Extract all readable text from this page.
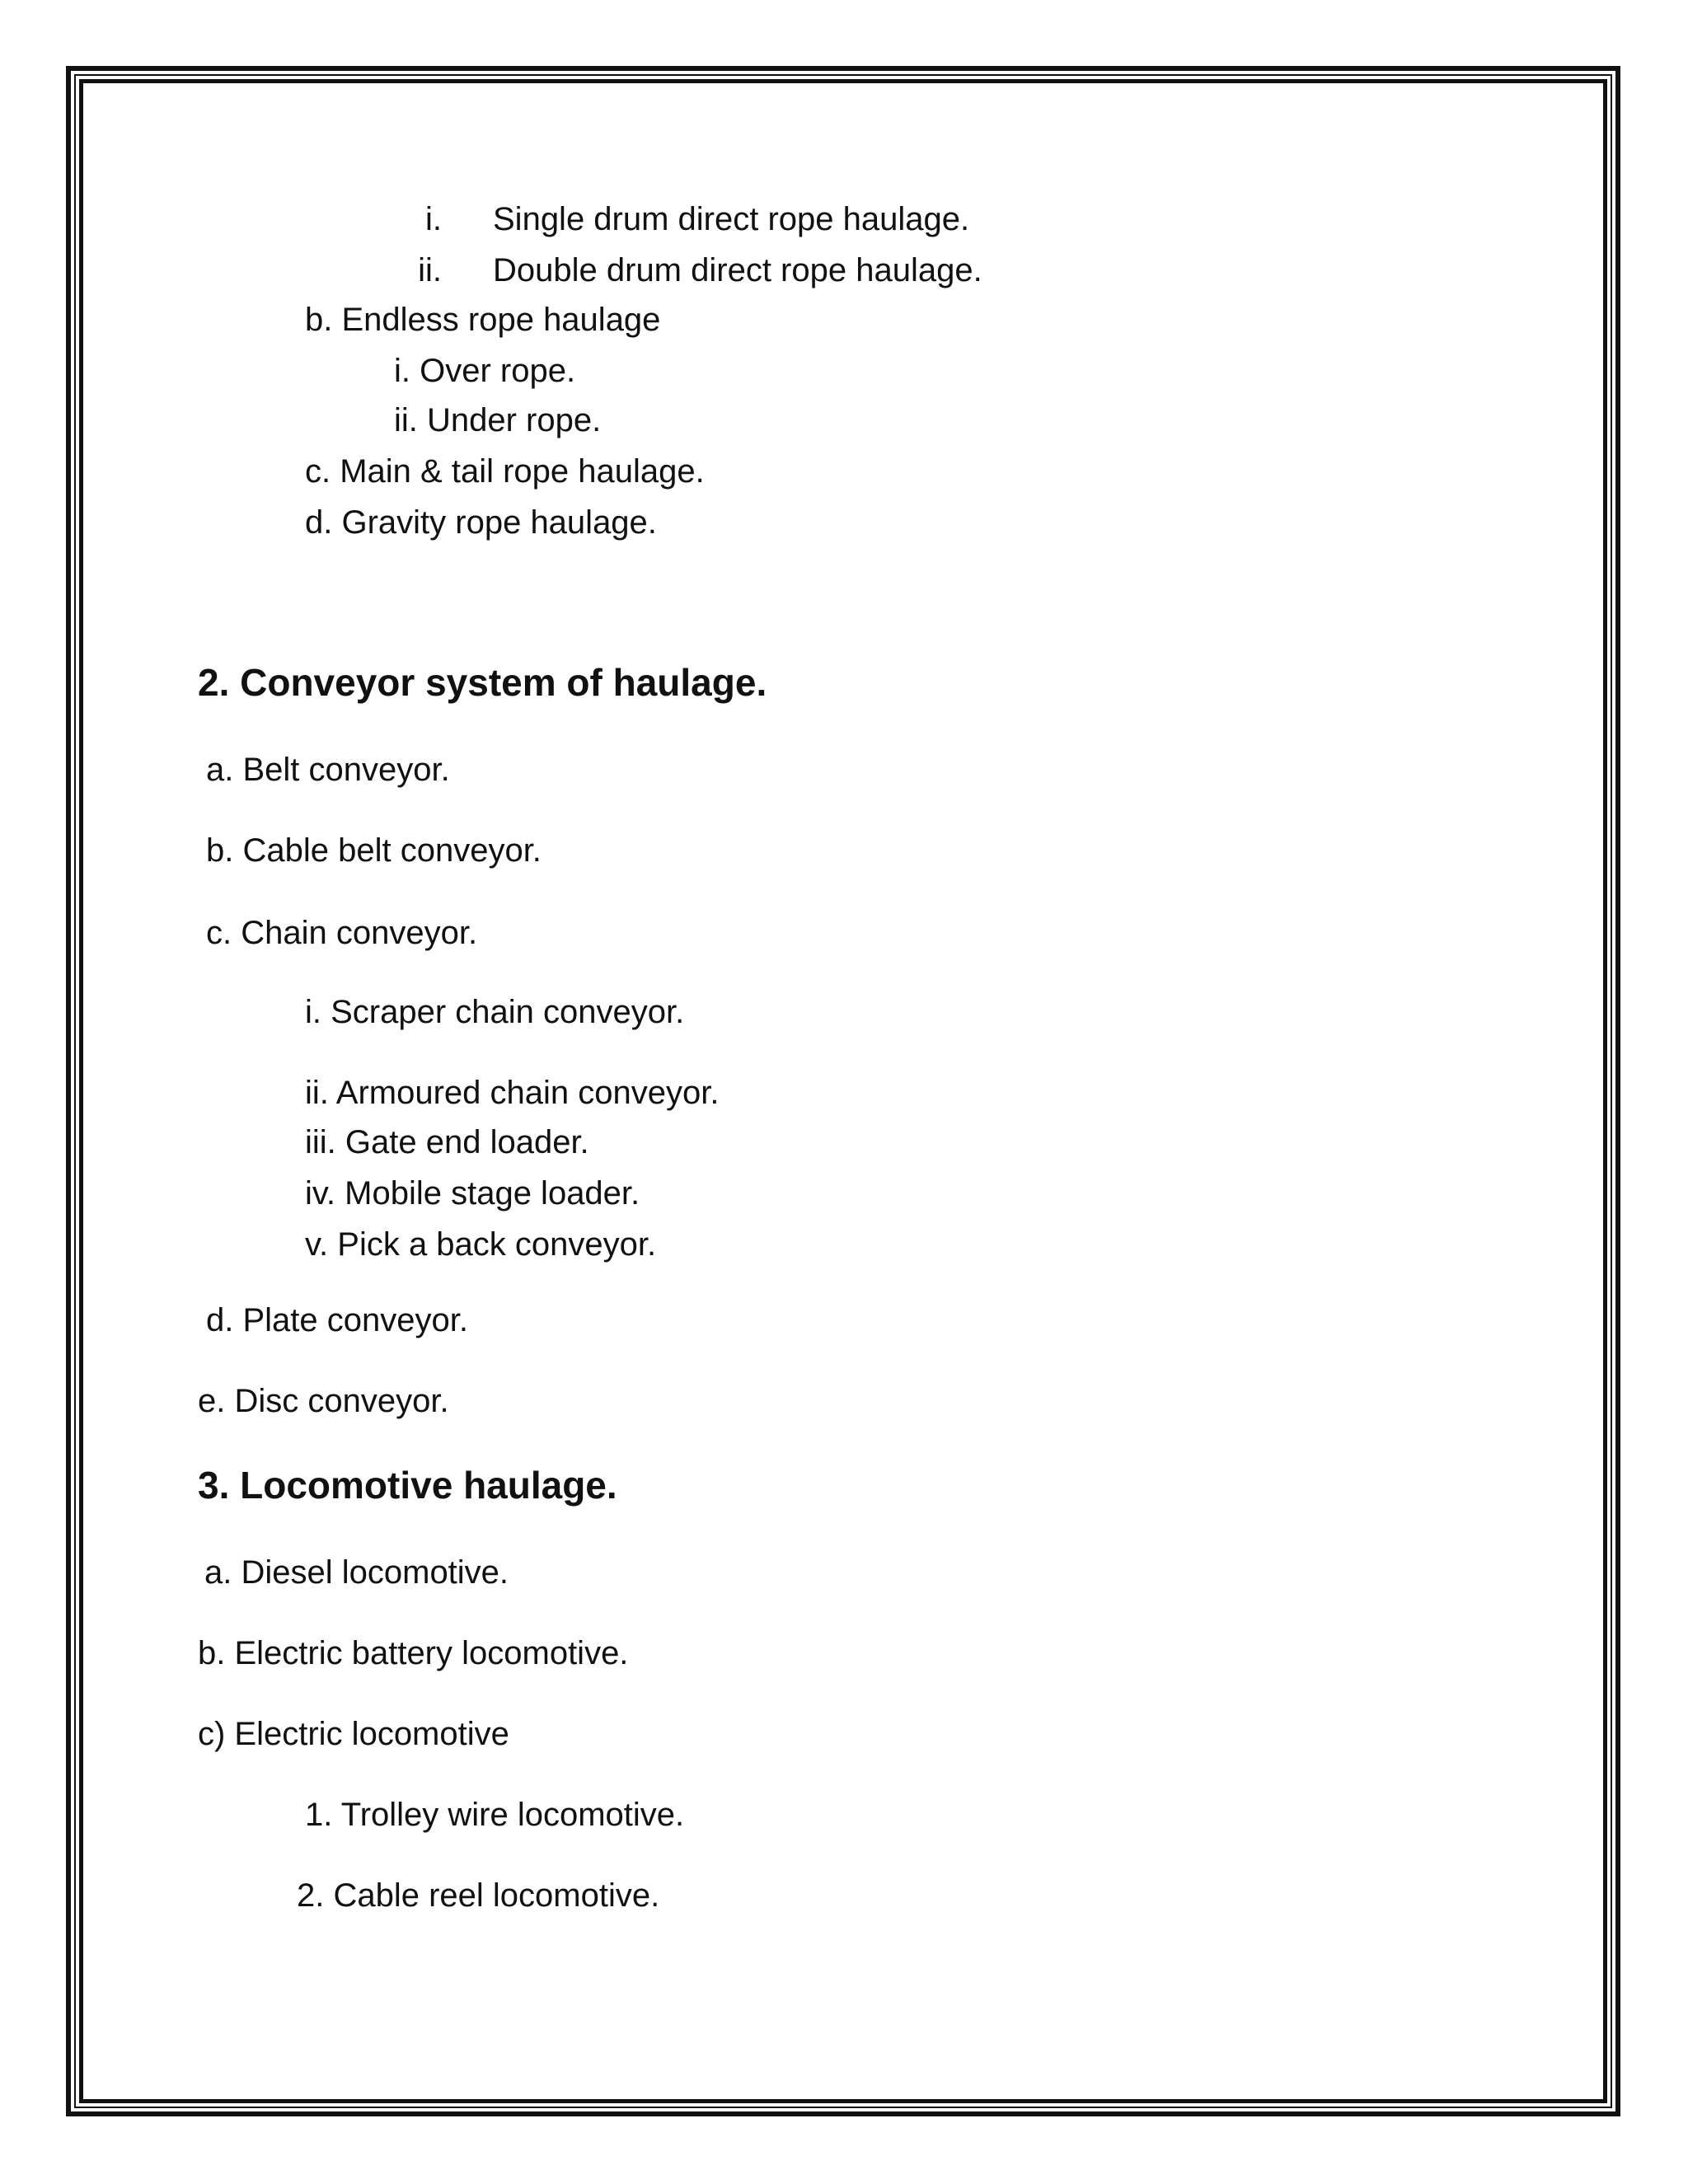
i. Single drum direct rope haulage.
ii. Double drum direct rope haulage.
b. Endless rope haulage
i. Over rope.
ii. Under rope.
c. Main & tail rope haulage.
d. Gravity rope haulage.
2. Conveyor system of haulage.
a. Belt conveyor.
b. Cable belt conveyor.
c. Chain conveyor.
i. Scraper chain conveyor.
ii. Armoured chain conveyor.
iii. Gate end loader.
iv. Mobile stage loader.
v. Pick a back conveyor.
d. Plate conveyor.
e. Disc conveyor.
3. Locomotive haulage.
a. Diesel locomotive.
b. Electric battery locomotive.
c) Electric locomotive
1. Trolley wire locomotive.
2. Cable reel locomotive.
